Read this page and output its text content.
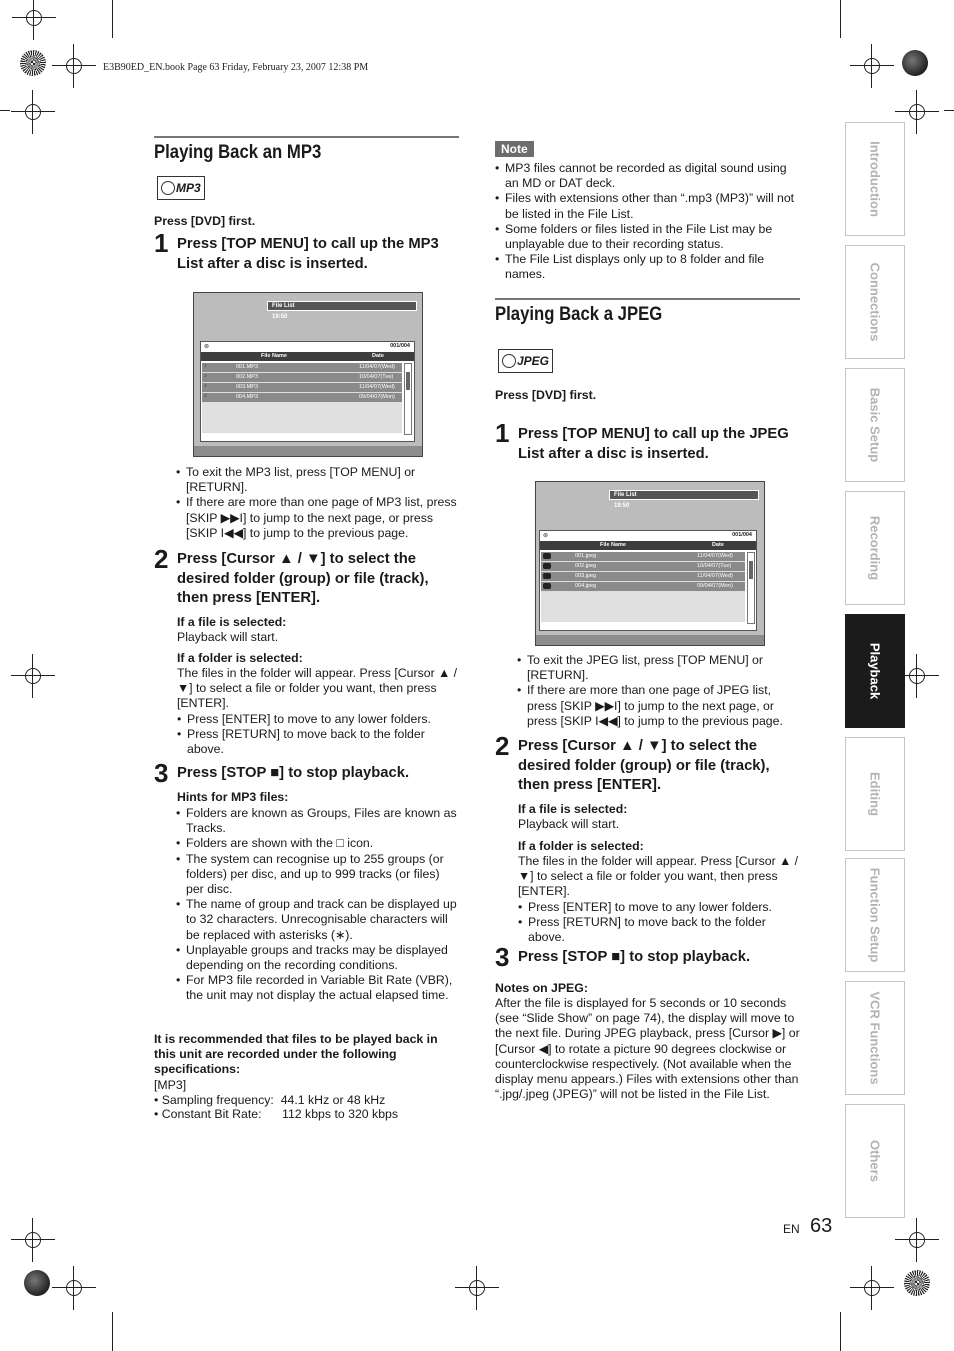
E3B90ED_EN.book Page 63 Friday, February 23, 2007 12:38 PM
Playing Back an MP3
MP3
Press [DVD] first.
1 Press [TOP MENU] to call up the MP3 List after a disc is inserted.
File List
19:50
⊚	001/004
File Name	Date
♪	001.MP3	11/04/07(Wed)
♪	002.MP3	10/04/07(Tue)
♪	003.MP3	11/04/07(Wed)
♪	004.MP3	09/04/07(Mon)
• To exit the MP3 list, press [TOP MENU] or [RETURN].
• If there are more than one page of MP3 list, press [SKIP ▶▶I] to jump to the next page, or press [SKIP I◀◀] to jump to the previous page.
2 Press [Cursor ▲ / ▼] to select the desired folder (group) or file (track), then press [ENTER].
If a file is selected:
Playback will start.
If a folder is selected:
The files in the folder will appear. Press [Cursor ▲ / ▼] to select a file or folder you want, then press [ENTER].
• Press [ENTER] to move to any lower folders.
• Press [RETURN] to move back to the folder above.
3 Press [STOP ■] to stop playback.
Hints for MP3 files:
• Folders are known as Groups, Files are known as Tracks.
• Folders are shown with the □ icon.
• The system can recognise up to 255 groups (or folders) per disc, and up to 999 tracks (or files) per disc.
• The name of group and track can be displayed up to 32 characters. Unrecognisable characters will be replaced with asterisks (∗).
• Unplayable groups and tracks may be displayed depending on the recording conditions.
• For MP3 file recorded in Variable Bit Rate (VBR), the unit may not display the actual elapsed time.
It is recommended that files to be played back in this unit are recorded under the following specifications:
[MP3]
• Sampling frequency: 44.1 kHz or 48 kHz
• Constant Bit Rate: 112 kbps to 320 kbps
Note
• MP3 files cannot be recorded as digital sound using an MD or DAT deck.
• Files with extensions other than “.mp3 (MP3)” will not be listed in the File List.
• Some folders or files listed in the File List may be unplayable due to their recording status.
• The File List displays only up to 8 folder and file names.
Playing Back a JPEG
JPEG
Press [DVD] first.
1 Press [TOP MENU] to call up the JPEG List after a disc is inserted.
File List
19:50
⊚	001/004
File Name	Date
001.jpeg	11/04/07(Wed)
002.jpeg	10/04/07(Tue)
003.jpeg	11/04/07(Wed)
004.jpeg	09/04/07(Mon)
• To exit the JPEG list, press [TOP MENU] or [RETURN].
• If there are more than one page of JPEG list, press [SKIP ▶▶I] to jump to the next page, or press [SKIP I◀◀] to jump to the previous page.
2 Press [Cursor ▲ / ▼] to select the desired folder (group) or file (track), then press [ENTER].
If a file is selected:
Playback will start.
If a folder is selected:
The files in the folder will appear. Press [Cursor ▲ / ▼] to select a file or folder you want, then press [ENTER].
• Press [ENTER] to move to any lower folders.
• Press [RETURN] to move back to the folder above.
3 Press [STOP ■] to stop playback.
Notes on JPEG:
After the file is displayed for 5 seconds or 10 seconds (see “Slide Show” on page 74), the display will move to the next file. During JPEG playback, press [Cursor ▶] or [Cursor ◀] to rotate a picture 90 degrees clockwise or counterclockwise respectively. (Not available when the display menu appears.) Files with extensions other than “.jpg/.jpeg (JPEG)” will not be listed in the File List.
Introduction
Connections
Basic Setup
Recording
Playback
Editing
Function Setup
VCR Functions
Others
EN 63
